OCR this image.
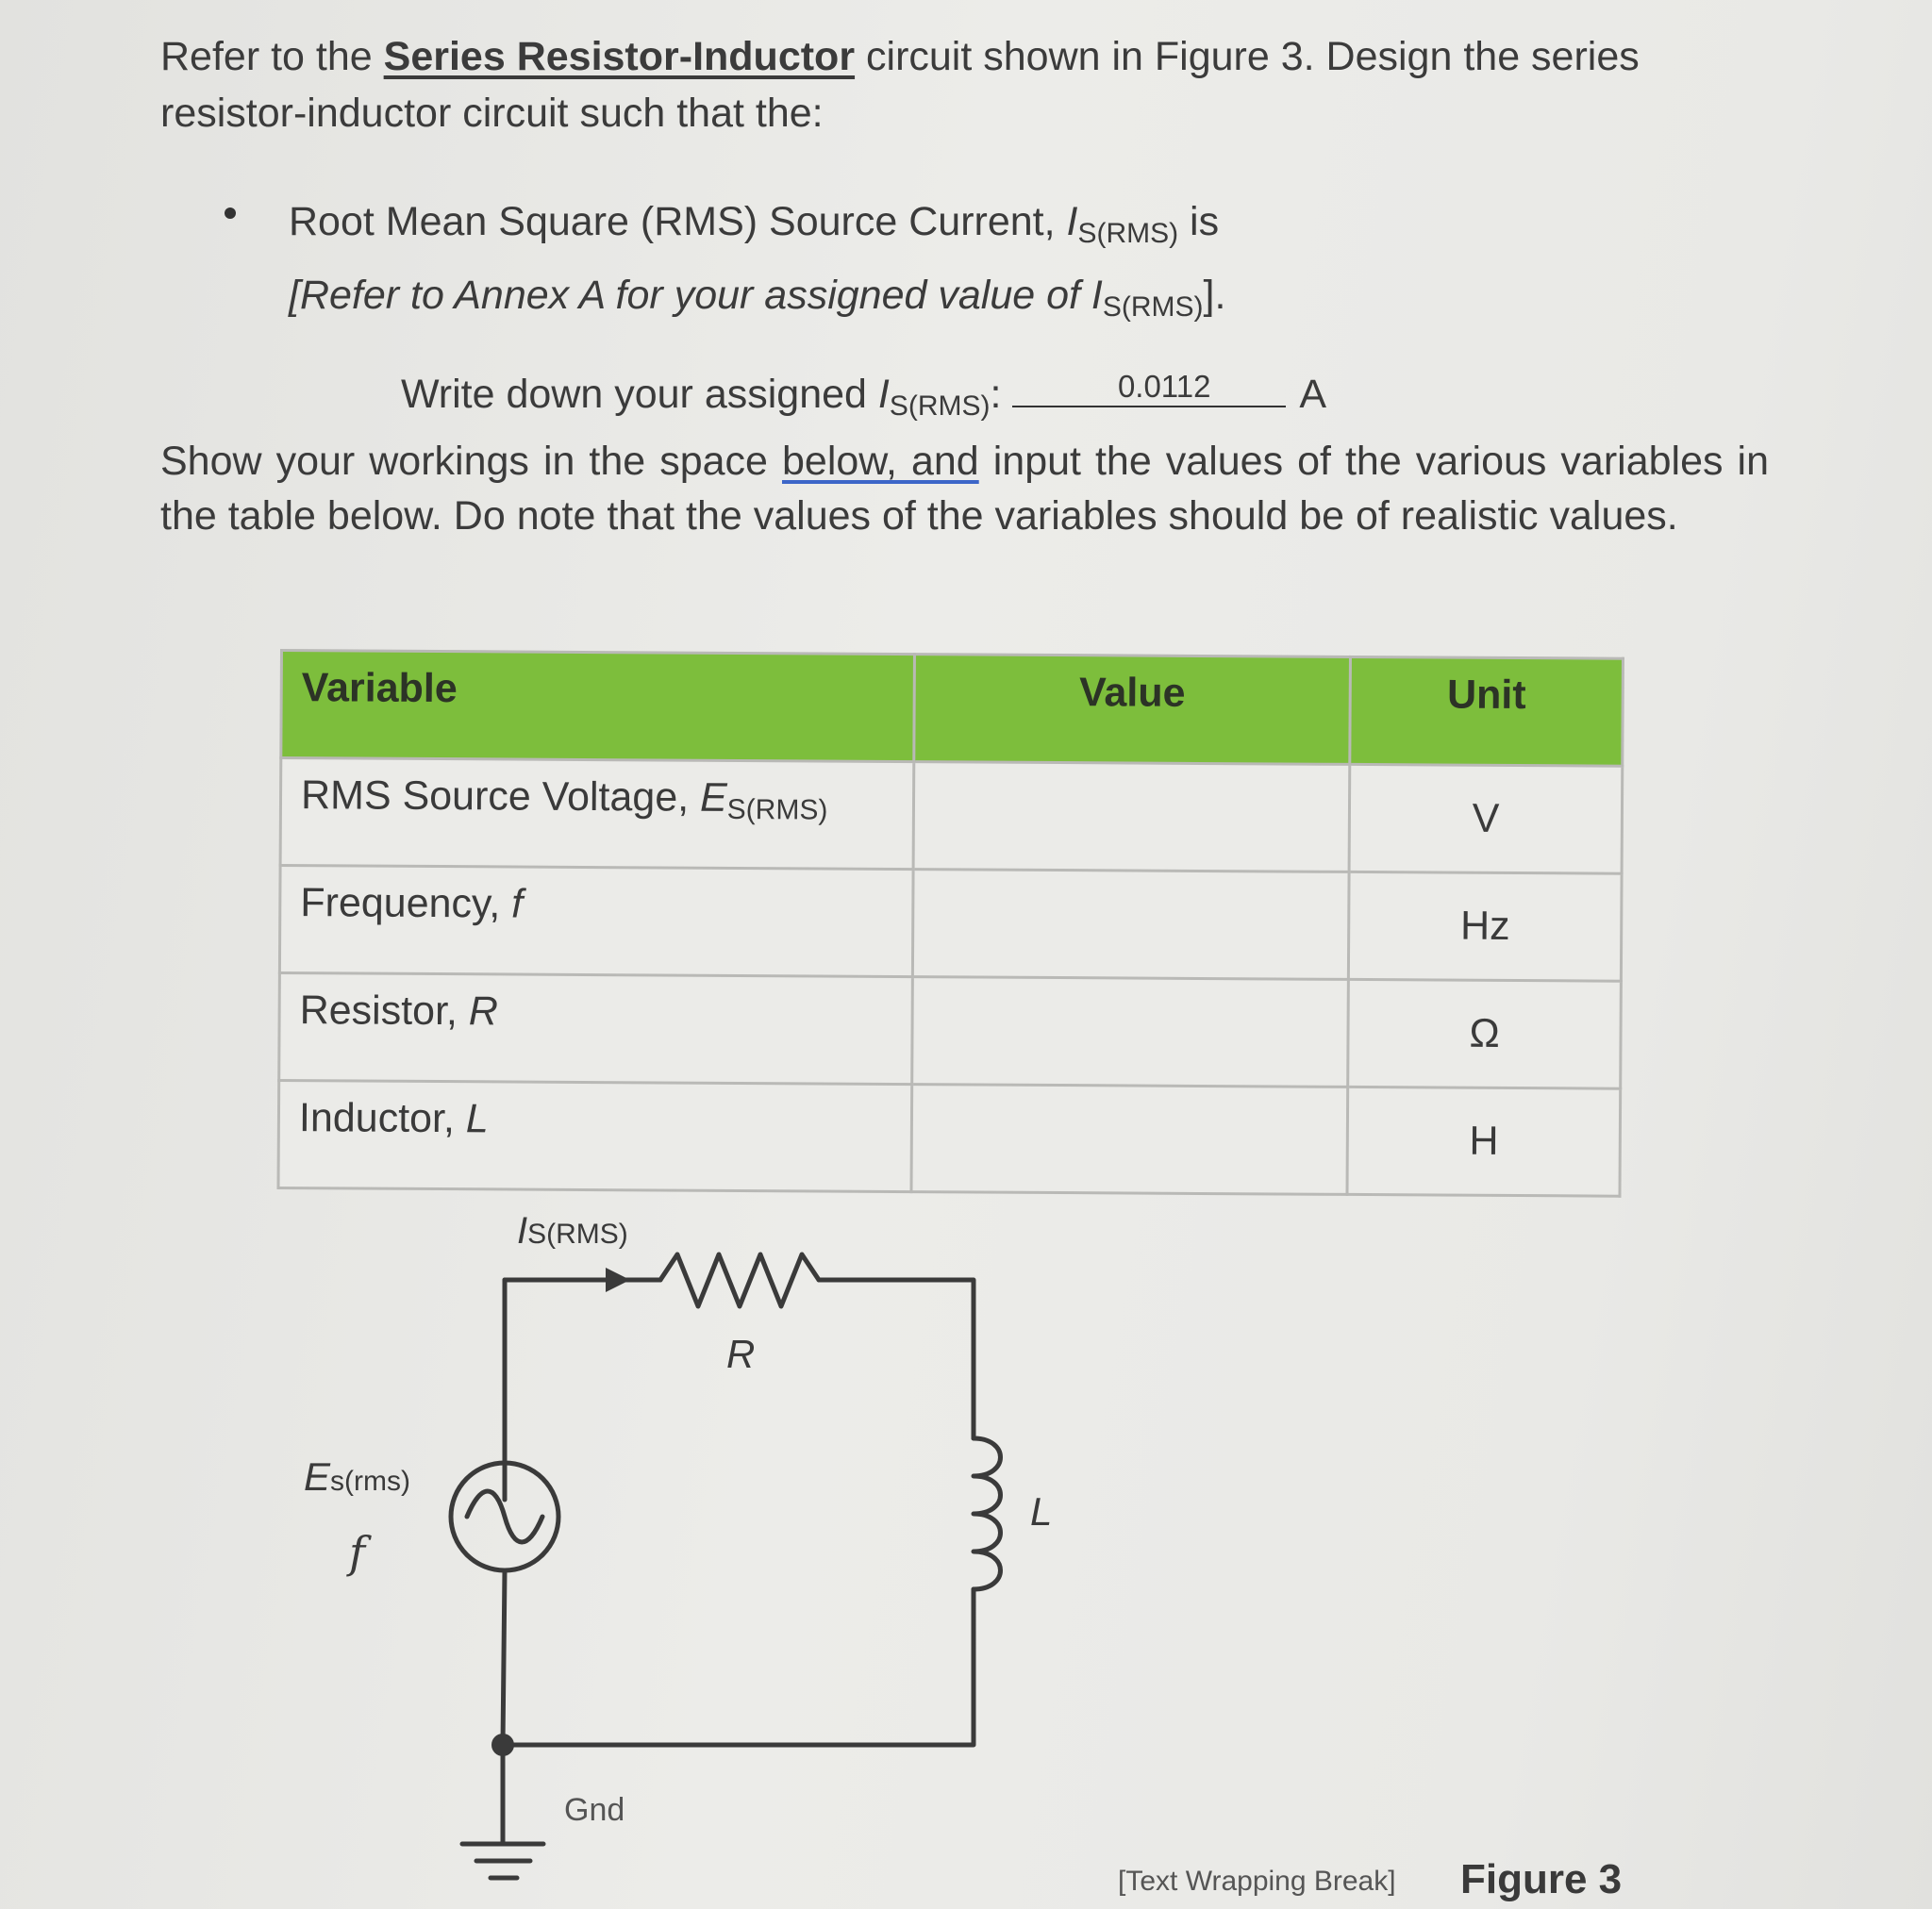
Refer to the Series Resistor-Inductor circuit shown in Figure 3. Design the series resistor-inductor circuit such that the:
Root Mean Square (RMS) Source Current, $I_{S(RMS)}$ is
[Refer to Annex A for your assigned value of $I_{S(RMS)}$].
Write down your assigned $I_{S(RMS)}$:	0.0112 A
Show your workings in the space below, and input the values of the various variables in the table below. Do note that the values of the variables should be of realistic values.
Variable	Value	Unit
RMS Source Voltage, $E_{S(RMS)}$		V
Frequency, f		Hz
Resistor, R		Ω
Inductor, L		H
IS(RMS)
R
L
Es(rms)
f
Gnd
[Text Wrapping Break] Figure 3
